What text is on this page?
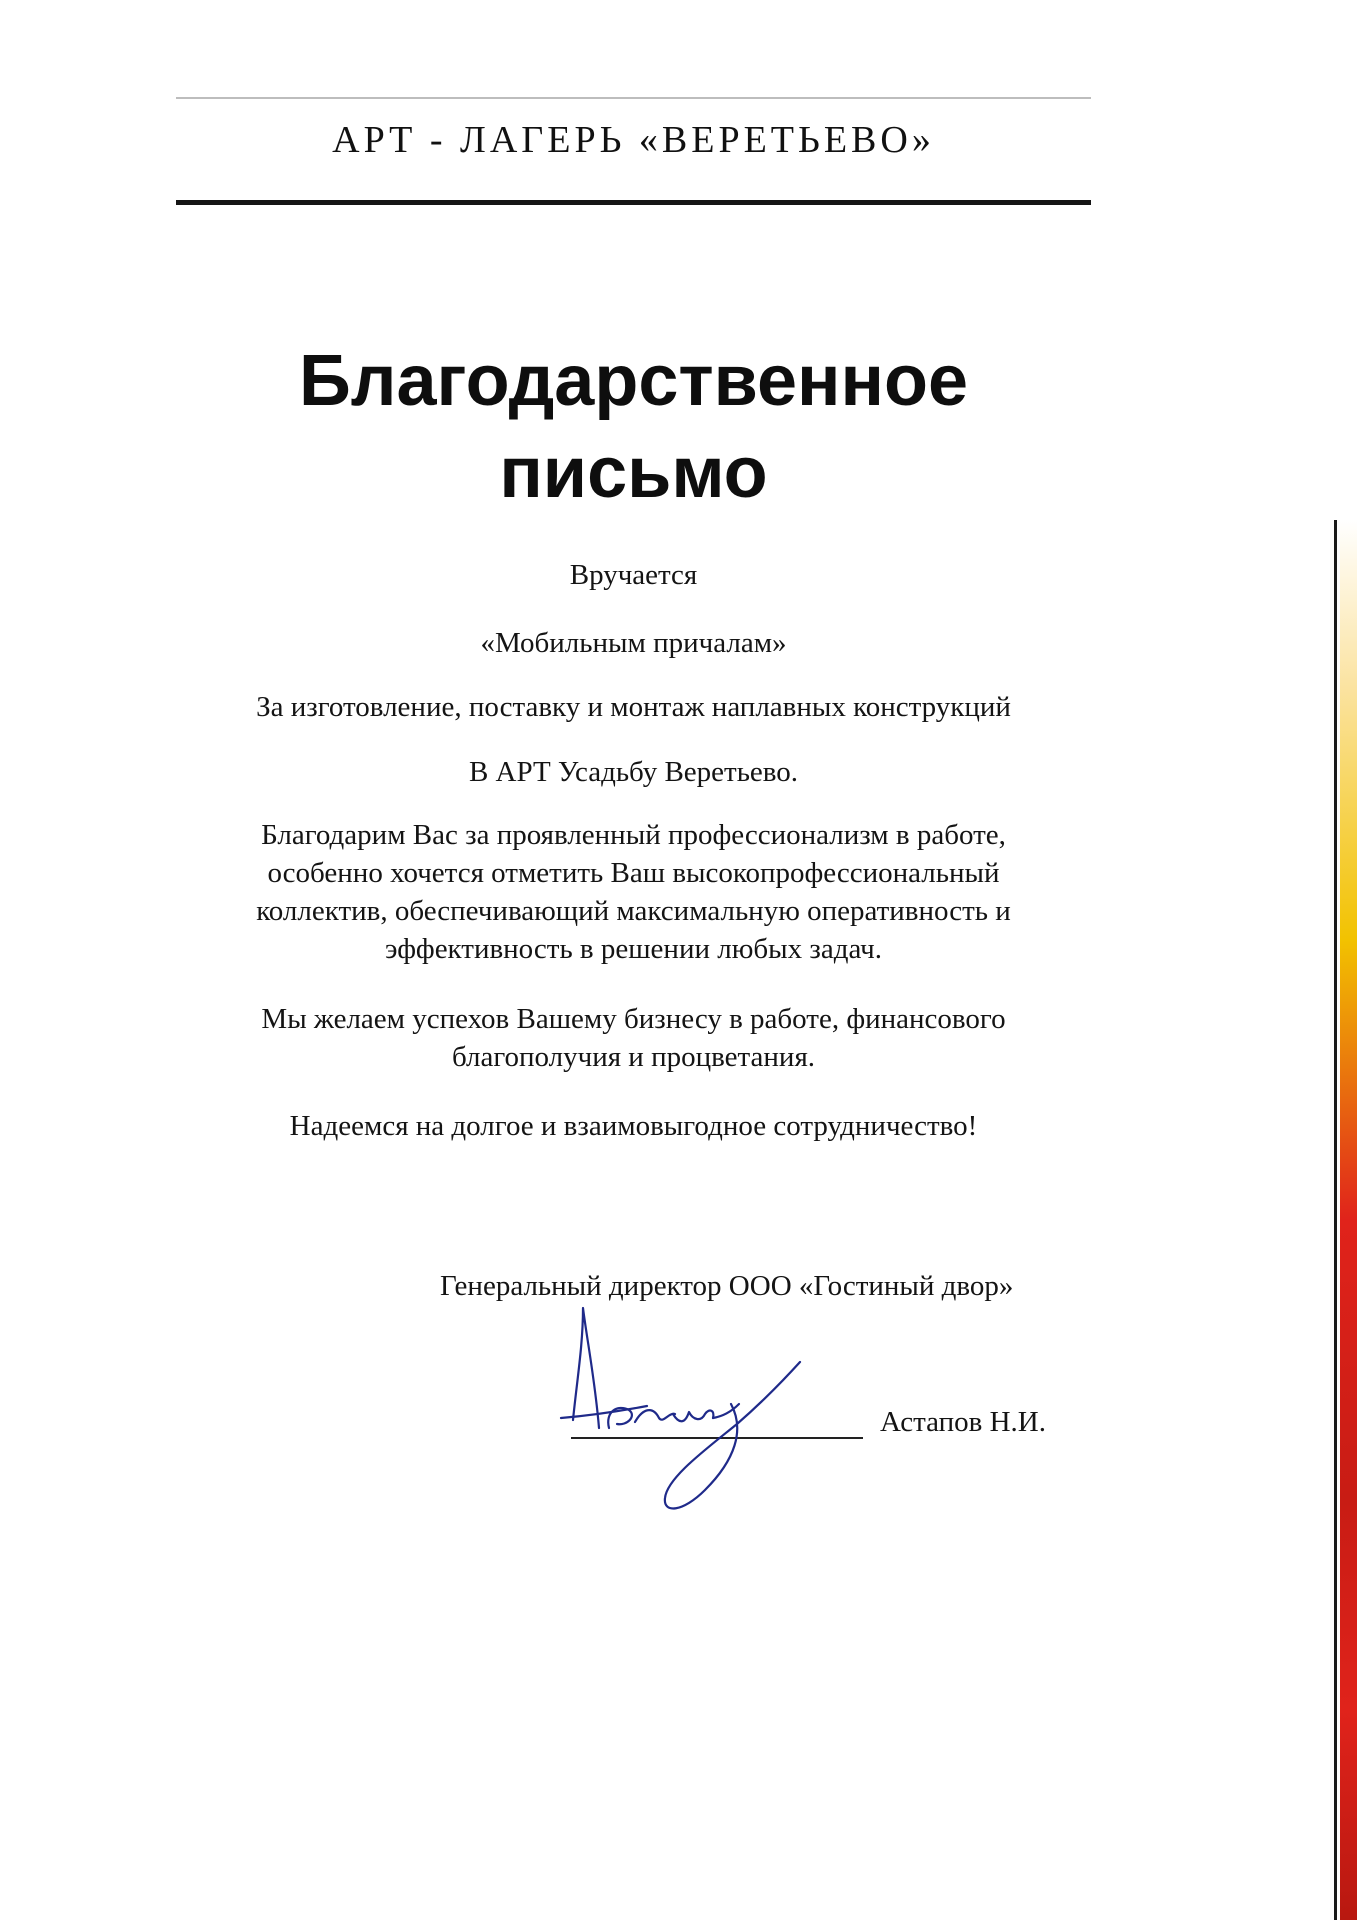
АРТ - ЛАГЕРЬ «ВЕРЕТЬЕВО»
Благодарственное
письмо
Вручается
«Мобильным причалам»
За изготовление, поставку и монтаж наплавных конструкций
В АРТ Усадьбу Веретьево.
Благодарим Вас за проявленный профессионализм в работе,
особенно хочется отметить Ваш высокопрофессиональный
коллектив, обеспечивающий максимальную оперативность и
эффективность в решении любых задач.
Мы желаем успехов Вашему бизнесу в работе, финансового
благополучия и процветания.
Надеемся на долгое и взаимовыгодное сотрудничество!
Генеральный директор ООО «Гостиный двор»
Астапов Н.И.
